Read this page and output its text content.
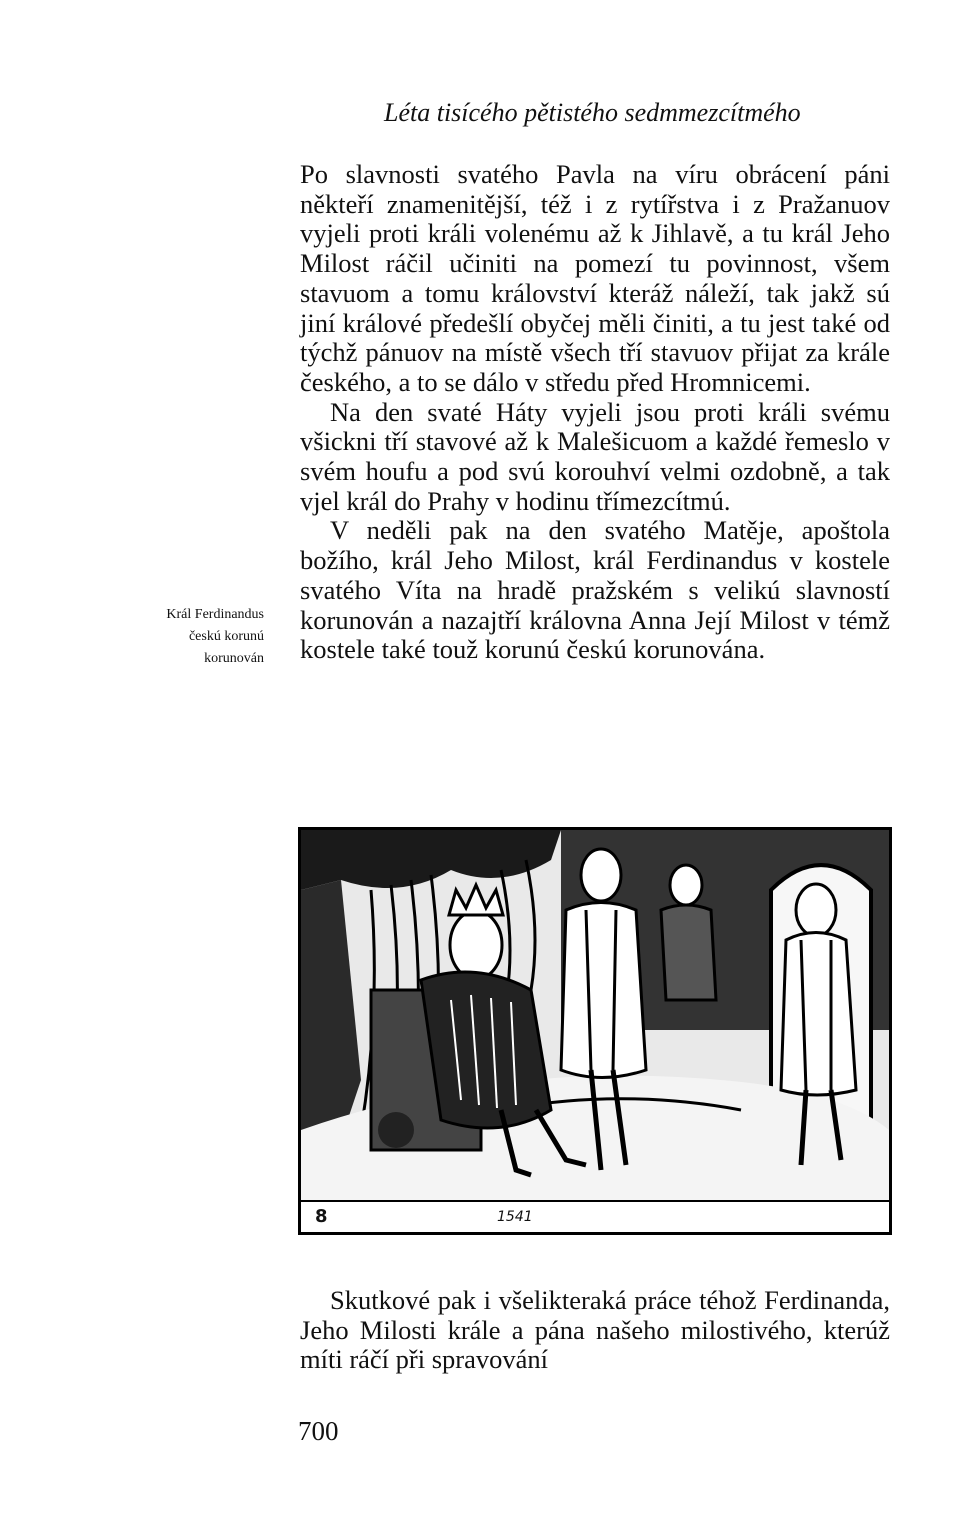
Léta tisícého pětistého sedmmezcítmého

Po slavnosti svatého Pavla na víru obrácení páni někteří znamenitější, též i z rytířstva i z Pražanuov vyjeli proti králi volenému až k Jihlavě, a tu král Jeho Milost ráčil učiniti na pomezí tu povinnost, všem stavuom a tomu království kteráž náleží, tak jakž sú jiní králové předešlí obyčej měli činiti, a tu jest také od týchž pánuov na místě všech tří stavuov přijat za krále českého, a to se dálo v středu před Hromnicemi.

Na den svaté Háty vyjeli jsou proti králi svému všickni tří stavové až k Malešicuom a každé řemeslo v svém houfu a pod svú korouhví velmi ozdobně, a tak vjel král do Prahy v hodinu třímezcítmú.

V neděli pak na den svatého Matěje, apoštola božího, král Jeho Milost, král Ferdinandus v kostele svatého Víta na hradě pražském s velikú slavností korunován a nazajtří královna Anna Její Milost v témž kostele také touž korunú českú korunována.

Král Ferdinandus
českú korunú
korunován
8	1541

Skutkové pak i všelikteraká práce téhož Ferdinanda, Jeho Milosti krále a pána našeho milostivého, kterúž míti ráčí při spravování

700
